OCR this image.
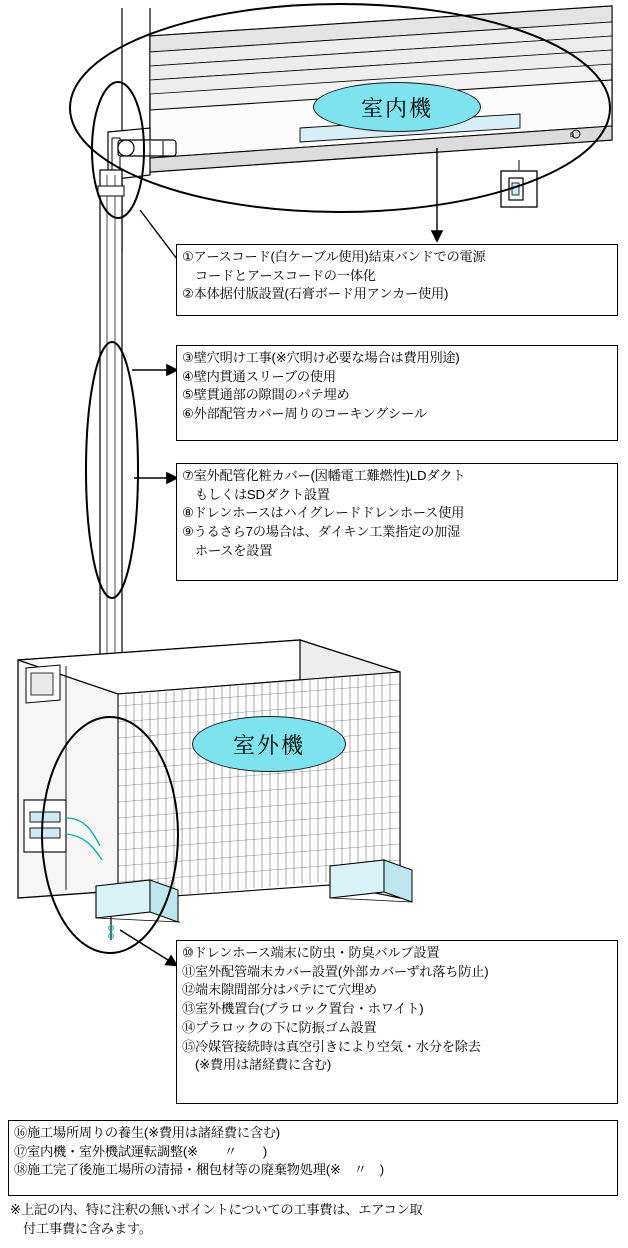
D
室内機
室外機
①アースコード(白ケーブル使用)結束バンドでの電源
　コードとアースコードの一体化
②本体据付版設置(石膏ボード用アンカー使用)
③壁穴明け工事(※穴明け必要な場合は費用別途)
④壁内貫通スリーブの使用
⑤壁貫通部の隙間のパテ埋め
⑥外部配管カバー周りのコーキングシール
⑦室外配管化粧カバー(因幡電工難燃性)LDダクト
　もしくはSDダクト設置
⑧ドレンホースはハイグレードドレンホース使用
⑨うるさら7の場合は、ダイキン工業指定の加湿
　ホースを設置
⑩ドレンホース端末に防虫・防臭バルブ設置
⑪室外配管端末カバー設置(外部カバーずれ落ち防止)
⑫端末隙間部分はパテにて穴埋め
⑬室外機置台(プラロック置台・ホワイト)
⑭プラロックの下に防振ゴム設置
⑮冷媒管接続時は真空引きにより空気・水分を除去
　(※費用は諸経費に含む)
⑯施工場所周りの養生(※費用は諸経費に含む)
⑰室内機・室外機試運転調整(※　　〃　　)
⑱施工完了後施工場所の清掃・梱包材等の廃棄物処理(※　〃　)
※上記の内、特に注釈の無いポイントについての工事費は、エアコン取
　付工事費に含みます。
